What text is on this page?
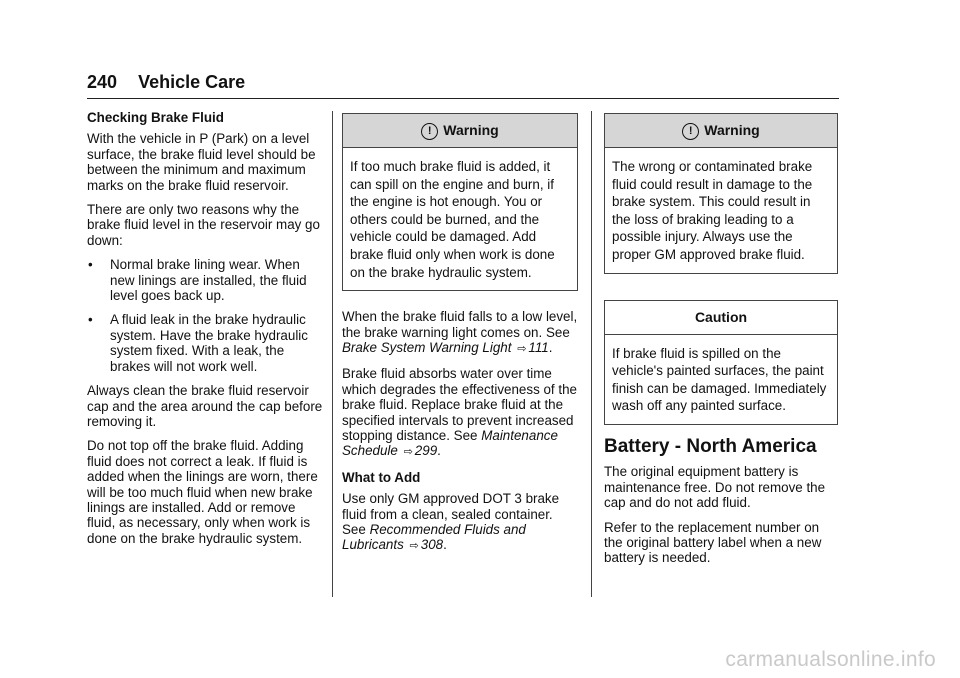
240 Vehicle Care

Checking Brake Fluid

With the vehicle in P (Park) on a level surface, the brake fluid level should be between the minimum and maximum marks on the brake fluid reservoir.

There are only two reasons why the brake fluid level in the reservoir may go down:

• Normal brake lining wear. When new linings are installed, the fluid level goes back up.
• A fluid leak in the brake hydraulic system. Have the brake hydraulic system fixed. With a leak, the brakes will not work well.

Always clean the brake fluid reservoir cap and the area around the cap before removing it.

Do not top off the brake fluid. Adding fluid does not correct a leak. If fluid is added when the linings are worn, there will be too much fluid when new brake linings are installed. Add or remove fluid, as necessary, only when work is done on the brake hydraulic system.

! Warning
If too much brake fluid is added, it can spill on the engine and burn, if the engine is hot enough. You or others could be burned, and the vehicle could be damaged. Add brake fluid only when work is done on the brake hydraulic system.

When the brake fluid falls to a low level, the brake warning light comes on. See Brake System Warning Light ⇨ 111.

Brake fluid absorbs water over time which degrades the effectiveness of the brake fluid. Replace brake fluid at the specified intervals to prevent increased stopping distance. See Maintenance Schedule ⇨ 299.

What to Add

Use only GM approved DOT 3 brake fluid from a clean, sealed container. See Recommended Fluids and Lubricants ⇨ 308.

! Warning
The wrong or contaminated brake fluid could result in damage to the brake system. This could result in the loss of braking leading to a possible injury. Always use the proper GM approved brake fluid.
Caution
If brake fluid is spilled on the vehicle's painted surfaces, the paint finish can be damaged. Immediately wash off any painted surface.
Battery - North America

The original equipment battery is maintenance free. Do not remove the cap and do not add fluid.

Refer to the replacement number on the original battery label when a new battery is needed.

carmanualsonline.info
